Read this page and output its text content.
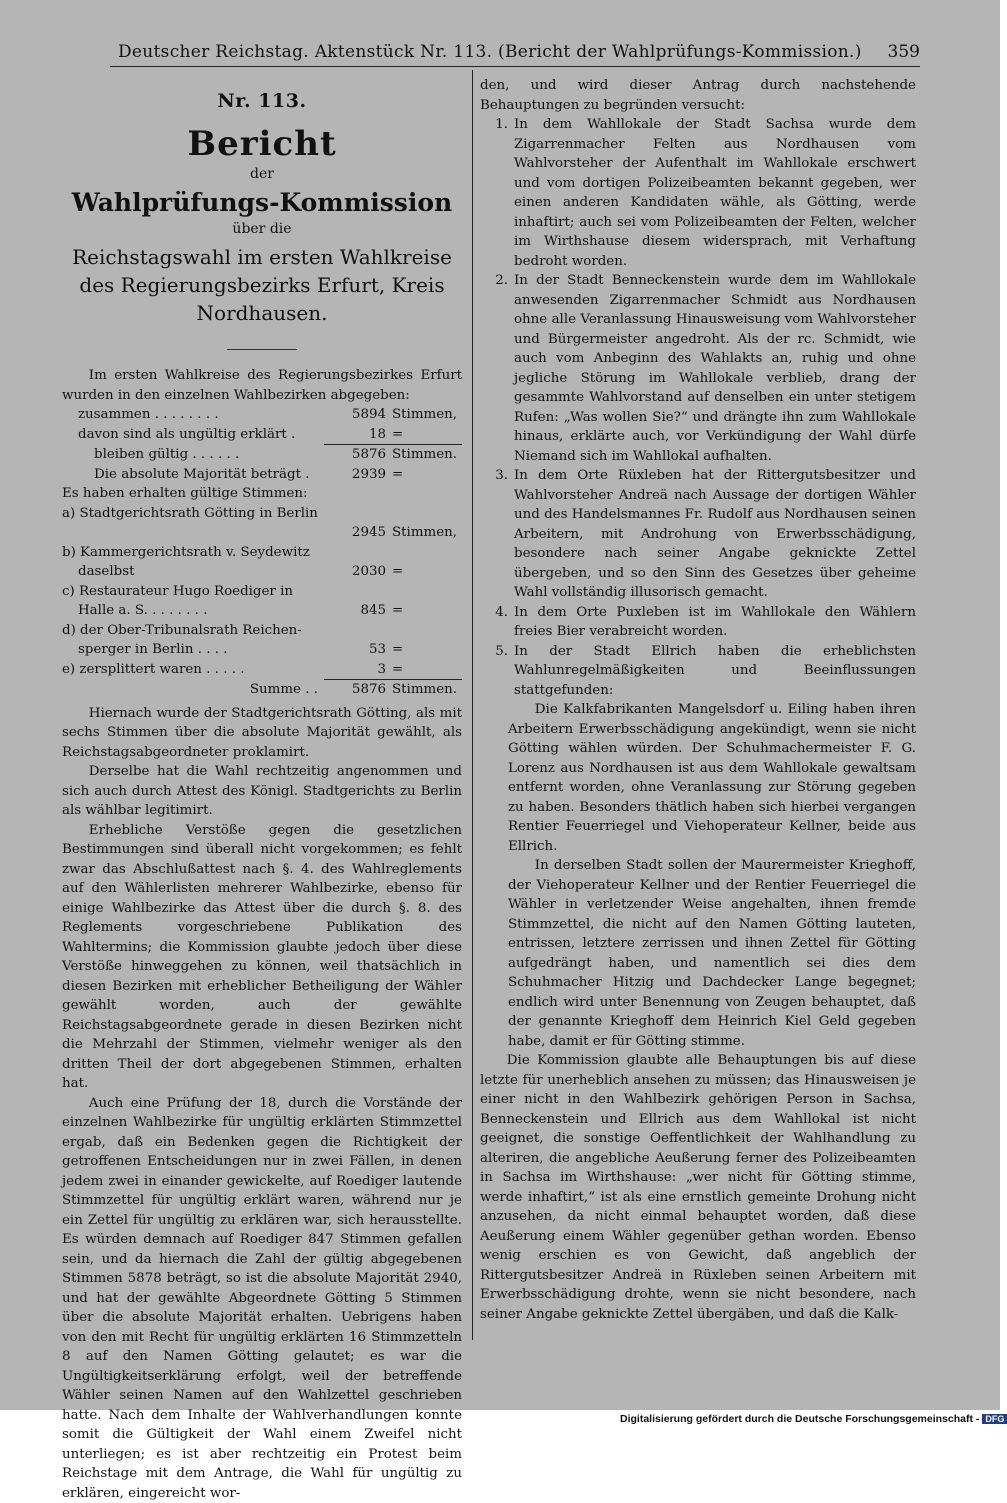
Deutscher Reichstag. Aktenstück Nr. 113. (Bericht der Wahlprüfungs-Kommission.) 359
Nr. 113.
Bericht
der
Wahlprüfungs-Kommission
über die
Reichstagswahl im ersten Wahlkreise des Regierungsbezirks Erfurt, Kreis Nordhausen.

Im ersten Wahlkreise des Regierungsbezirkes Erfurt wurden in den einzelnen Wahlbezirken abgegeben:

zusammen . . . . . . . .	5894 Stimmen,
davon sind als ungültig erklärt .	18 =
bleiben gültig . . . . . .	5876 Stimmen.
Die absolute Majorität beträgt .	2939 =
Es haben erhalten gültige Stimmen:
a) Stadtgerichtsrath Götting in Berlin
2945 Stimmen,
b) Kammergerichtsrath v. Seydewitz
daselbst	2030 =
c) Restaurateur Hugo Roediger in
Halle a. S. . . . . . . .	845 =
d) der Ober-Tribunalsrath Reichen-
sperger in Berlin . . . .	53 =
e) zersplittert waren . . . . .	3 =
Summe . .	5876 Stimmen.

Hiernach wurde der Stadtgerichtsrath Götting, als mit sechs Stimmen über die absolute Majorität gewählt, als Reichstagsabgeordneter proklamirt.

Derselbe hat die Wahl rechtzeitig angenommen und sich auch durch Attest des Königl. Stadtgerichts zu Berlin als wählbar legitimirt.

Erhebliche Verstöße gegen die gesetzlichen Bestimmungen sind überall nicht vorgekommen; es fehlt zwar das Abschlußattest nach §. 4. des Wahlreglements auf den Wählerlisten mehrerer Wahlbezirke, ebenso für einige Wahlbezirke das Attest über die durch §. 8. des Reglements vorgeschriebene Publikation des Wahltermins; die Kommission glaubte jedoch über diese Verstöße hinweggehen zu können, weil thatsächlich in diesen Bezirken mit erheblicher Betheiligung der Wähler gewählt worden, auch der gewählte Reichstagsabgeordnete gerade in diesen Bezirken nicht die Mehrzahl der Stimmen, vielmehr weniger als den dritten Theil der dort abgegebenen Stimmen, erhalten hat.

Auch eine Prüfung der 18, durch die Vorstände der einzelnen Wahlbezirke für ungültig erklärten Stimmzettel ergab, daß ein Bedenken gegen die Richtigkeit der getroffenen Entscheidungen nur in zwei Fällen, in denen jedem zwei in einander gewickelte, auf Roediger lautende Stimmzettel für ungültig erklärt waren, während nur je ein Zettel für ungültig zu erklären war, sich herausstellte. Es würden demnach auf Roediger 847 Stimmen gefallen sein, und da hiernach die Zahl der gültig abgegebenen Stimmen 5878 beträgt, so ist die absolute Majorität 2940, und hat der gewählte Abgeordnete Götting 5 Stimmen über die absolute Majorität erhalten. Uebrigens haben von den mit Recht für ungültig erklärten 16 Stimmzetteln 8 auf den Namen Götting gelautet; es war die Ungültigkeitserklärung erfolgt, weil der betreffende Wähler seinen Namen auf den Wahlzettel geschrieben hatte. Nach dem Inhalte der Wahlverhandlungen konnte somit die Gültigkeit der Wahl einem Zweifel nicht unterliegen; es ist aber rechtzeitig ein Protest beim Reichstage mit dem Antrage, die Wahl für ungültig zu erklären, eingereicht wor-

den, und wird dieser Antrag durch nachstehende Behauptungen zu begründen versucht:

1. In dem Wahllokale der Stadt Sachsa wurde dem Zigarrenmacher Felten aus Nordhausen vom Wahlvorsteher der Aufenthalt im Wahllokale erschwert und vom dortigen Polizeibeamten bekannt gegeben, wer einen anderen Kandidaten wähle, als Götting, werde inhaftirt; auch sei vom Polizeibeamten der Felten, welcher im Wirthshause diesem widersprach, mit Verhaftung bedroht worden.

2. In der Stadt Benneckenstein wurde dem im Wahllokale anwesenden Zigarrenmacher Schmidt aus Nordhausen ohne alle Veranlassung Hinausweisung vom Wahlvorsteher und Bürgermeister angedroht. Als der rc. Schmidt, wie auch vom Anbeginn des Wahlakts an, ruhig und ohne jegliche Störung im Wahllokale verblieb, drang der gesammte Wahlvorstand auf denselben ein unter stetigem Rufen: „Was wollen Sie?“ und drängte ihn zum Wahllokale hinaus, erklärte auch, vor Verkündigung der Wahl dürfe Niemand sich im Wahllokal aufhalten.

3. In dem Orte Rüxleben hat der Rittergutsbesitzer und Wahlvorsteher Andreä nach Aussage der dortigen Wähler und des Handelsmannes Fr. Rudolf aus Nordhausen seinen Arbeitern, mit Androhung von Erwerbsschädigung, besondere nach seiner Angabe geknickte Zettel übergeben, und so den Sinn des Gesetzes über geheime Wahl vollständig illusorisch gemacht.

4. In dem Orte Puxleben ist im Wahllokale den Wählern freies Bier verabreicht worden.

5. In der Stadt Ellrich haben die erheblichsten Wahlunregelmäßigkeiten und Beeinflussungen stattgefunden:

Die Kalkfabrikanten Mangelsdorf u. Eiling haben ihren Arbeitern Erwerbsschädigung angekündigt, wenn sie nicht Götting wählen würden. Der Schuhmachermeister F. G. Lorenz aus Nordhausen ist aus dem Wahllokale gewaltsam entfernt worden, ohne Veranlassung zur Störung gegeben zu haben. Besonders thätlich haben sich hierbei vergangen Rentier Feuerriegel und Viehoperateur Kellner, beide aus Ellrich.

In derselben Stadt sollen der Maurermeister Krieghoff, der Viehoperateur Kellner und der Rentier Feuerriegel die Wähler in verletzender Weise angehalten, ihnen fremde Stimmzettel, die nicht auf den Namen Götting lauteten, entrissen, letztere zerrissen und ihnen Zettel für Götting aufgedrängt haben, und namentlich sei dies dem Schuhmacher Hitzig und Dachdecker Lange begegnet; endlich wird unter Benennung von Zeugen behauptet, daß der genannte Krieghoff dem Heinrich Kiel Geld gegeben habe, damit er für Götting stimme.

Die Kommission glaubte alle Behauptungen bis auf diese letzte für unerheblich ansehen zu müssen; das Hinausweisen je einer nicht in den Wahlbezirk gehörigen Person in Sachsa, Benneckenstein und Ellrich aus dem Wahllokal ist nicht geeignet, die sonstige Oeffentlichkeit der Wahlhandlung zu alteriren, die angebliche Aeußerung ferner des Polizeibeamten in Sachsa im Wirthshause: „wer nicht für Götting stimme, werde inhaftirt,“ ist als eine ernstlich gemeinte Drohung nicht anzusehen, da nicht einmal behauptet worden, daß diese Aeußerung einem Wähler gegenüber gethan worden. Ebenso wenig erschien es von Gewicht, daß angeblich der Rittergutsbesitzer Andreä in Rüxleben seinen Arbeitern mit Erwerbsschädigung drohte, wenn sie nicht besondere, nach seiner Angabe geknickte Zettel übergäben, und daß die Kalk-

Digitalisierung gefördert durch die Deutsche Forschungsgemeinschaft - DFG
